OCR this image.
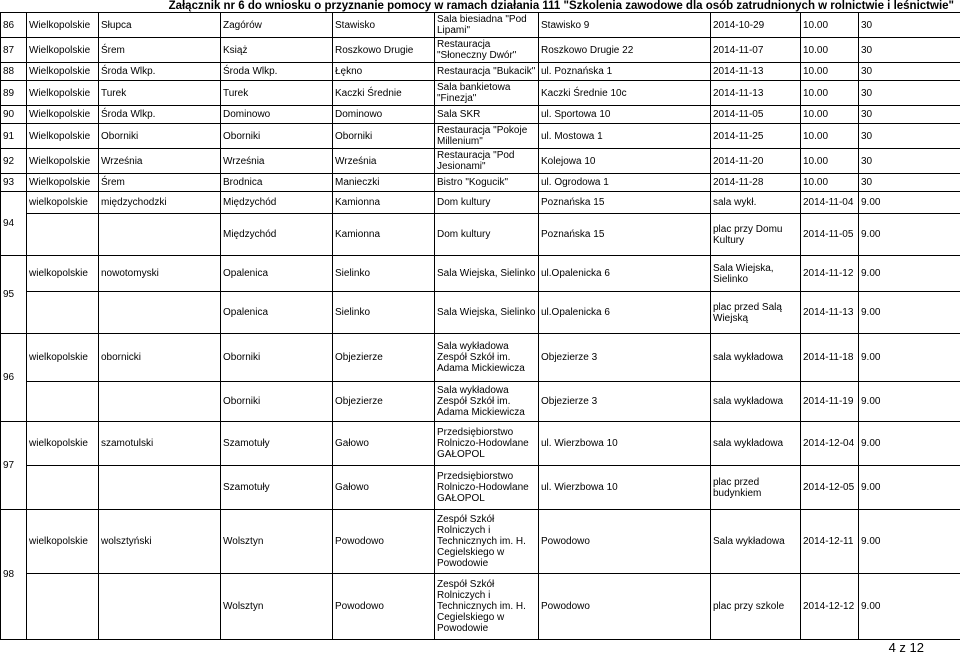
Załącznik nr 6 do wniosku o przyznanie pomocy w ramach działania 111 "Szkolenia zawodowe dla osób zatrudnionych w rolnictwie i leśnictwie"
86	Wielkopolskie	Słupca	Zagórów	Stawisko	Sala biesiadna "Pod Lipami"	Stawisko 9	2014-10-29	10.00	30	
87	Wielkopolskie	Śrem	Książ	Roszkowo Drugie	Restauracja "Słoneczny Dwór"	Roszkowo Drugie 22	2014-11-07	10.00	30	
88	Wielkopolskie	Środa Wlkp.	Środa Wlkp.	Łękno	Restauracja "Bukacik"	ul. Poznańska 1	2014-11-13	10.00	30	
89	Wielkopolskie	Turek	Turek	Kaczki Średnie	Sala bankietowa "Finezja"	Kaczki Średnie 10c	2014-11-13	10.00	30	
90	Wielkopolskie	Środa Wlkp.	Dominowo	Dominowo	Sala SKR	ul. Sportowa 10	2014-11-05	10.00	30	
91	Wielkopolskie	Oborniki	Oborniki	Oborniki	Restauracja "Pokoje Millenium"	ul. Mostowa 1	2014-11-25	10.00	30	
92	Wielkopolskie	Września	Września	Września	Restauracja "Pod Jesionami"	Kolejowa 10	2014-11-20	10.00	30	
93	Wielkopolskie	Śrem	Brodnica	Manieczki	Bistro "Kogucik"	ul. Ogrodowa 1	2014-11-28	10.00	30	
94	wielkopolskie	międzychodzki	Międzychód	Kamionna	Dom kultury	Poznańska 15	sala wykł.	2014-11-04	9.00	
			Międzychód	Kamionna	Dom kultury	Poznańska 15	plac przy Domu Kultury	2014-11-05	9.00	
95	wielkopolskie	nowotomyski	Opalenica	Sielinko	Sala Wiejska, Sielinko	ul.Opalenicka 6	Sala Wiejska, Sielinko	2014-11-12	9.00	
			Opalenica	Sielinko	Sala Wiejska, Sielinko	ul.Opalenicka 6	plac przed Salą Wiejską	2014-11-13	9.00	
96	wielkopolskie	obornicki	Oborniki	Objezierze	Sala wykładowa Zespół Szkół im. Adama Mickiewicza	Objezierze 3	sala wykładowa	2014-11-18	9.00	
			Oborniki	Objezierze	Sala wykładowa Zespół Szkół im. Adama Mickiewicza	Objezierze 3	sala wykładowa	2014-11-19	9.00	
97	wielkopolskie	szamotulski	Szamotuły	Gałowo	Przedsiębiorstwo Rolniczo-Hodowlane GAŁOPOL	ul. Wierzbowa 10	sala wykładowa	2014-12-04	9.00	
			Szamotuły	Gałowo	Przedsiębiorstwo Rolniczo-Hodowlane GAŁOPOL	ul. Wierzbowa 10	plac przed budynkiem	2014-12-05	9.00	
98	wielkopolskie	wolsztyński	Wolsztyn	Powodowo	Zespół Szkół Rolniczych i Technicznych im. H. Cegielskiego w Powodowie	Powodowo	Sala wykładowa	2014-12-11	9.00	
			Wolsztyn	Powodowo	Zespół Szkół Rolniczych i Technicznych im. H. Cegielskiego w Powodowie	Powodowo	plac przy szkole	2014-12-12	9.00	
4 z 12
